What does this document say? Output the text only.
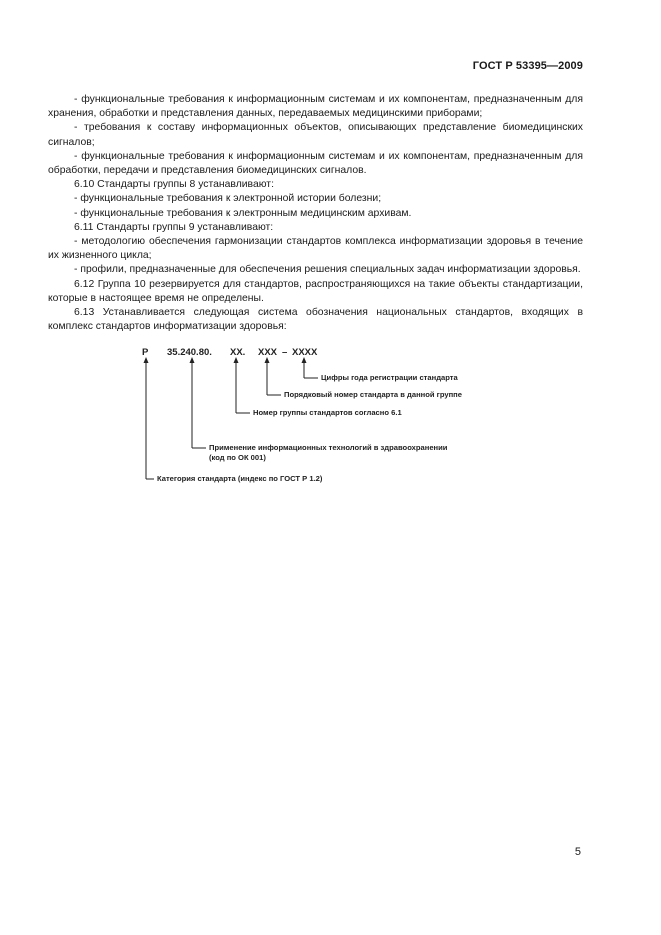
ГОСТ Р 53395—2009

- функциональные требования к информационным системам и их компонентам, предназначенным для хранения, обработки и представления данных, передаваемых медицинскими приборами;

- требования к составу информационных объектов, описывающих представление биомедицинских сигналов;

- функциональные требования к информационным системам и их компонентам, предназначенным для обработки, передачи и представления биомедицинских сигналов.

6.10 Стандарты группы 8 устанавливают:

- функциональные требования к электронной истории болезни;

- функциональные требования к электронным медицинским архивам.

6.11 Стандарты группы 9 устанавливают:

- методологию обеспечения гармонизации стандартов комплекса информатизации здоровья в течение их жизненного цикла;

- профили, предназначенные для обеспечения решения специальных задач информатизации здоровья.

6.12 Группа 10 резервируется для стандартов, распространяющихся на такие объекты стандартизации, которые в настоящее время не определены.

6.13 Устанавливается следующая система обозначения национальных стандартов, входящих в комплекс стандартов информатизации здоровья:

Р 35.240.80. ХХ. ХХХ – ХХХХ
Цифры года регистрации стандарта
Порядковый номер стандарта в данной группе
Номер группы стандартов согласно 6.1
Применение информационных технологий в здравоохранении
(код по ОК 001)
Категория стандарта (индекс по ГОСТ Р 1.2)
5
